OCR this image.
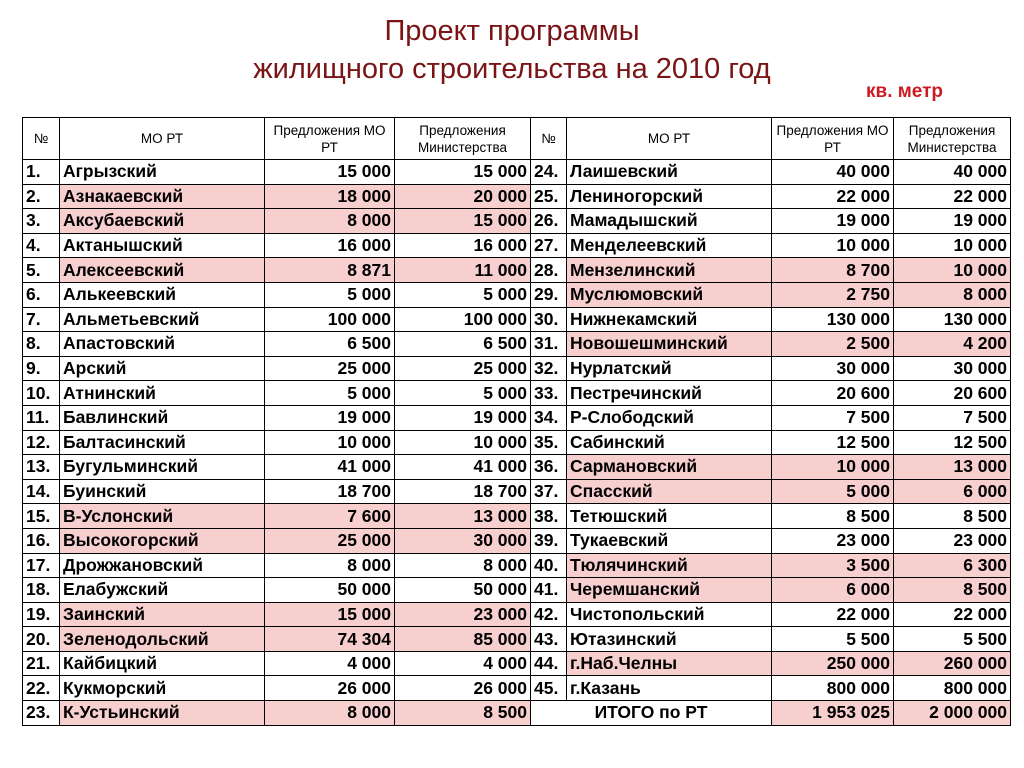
Проект программы
жилищного строительства на 2010 год
кв. метр
№	МО РТ	Предложения МО РТ	Предложения Министерства	№	МО РТ	Предложения МО РТ	Предложения Министерства
1.	Агрызский	15 000	15 000	24.	Лаишевский	40 000	40 000
2.	Азнакаевский	18 000	20 000	25.	Лениногорский	22 000	22 000
3.	Аксубаевский	8 000	15 000	26.	Мамадышский	19 000	19 000
4.	Актанышский	16 000	16 000	27.	Менделеевский	10 000	10 000
5.	Алексеевский	8 871	11 000	28.	Мензелинский	8 700	10 000
6.	Алькеевский	5 000	5 000	29.	Муслюмовский	2 750	8 000
7.	Альметьевский	100 000	100 000	30.	Нижнекамский	130 000	130 000
8.	Апастовский	6 500	6 500	31.	Новошешминский	2 500	4 200
9.	Арский	25 000	25 000	32.	Нурлатский	30 000	30 000
10.	Атнинский	5 000	5 000	33.	Пестречинский	20 600	20 600
11.	Бавлинский	19 000	19 000	34.	Р-Слободский	7 500	7 500
12.	Балтасинский	10 000	10 000	35.	Сабинский	12 500	12 500
13.	Бугульминский	41 000	41 000	36.	Сармановский	10 000	13 000
14.	Буинский	18 700	18 700	37.	Спасский	5 000	6 000
15.	В-Услонский	7 600	13 000	38.	Тетюшский	8 500	8 500
16.	Высокогорский	25 000	30 000	39.	Тукаевский	23 000	23 000
17.	Дрожжановский	8 000	8 000	40.	Тюлячинский	3 500	6 300
18.	Елабужский	50 000	50 000	41.	Черемшанский	6 000	8 500
19.	Заинский	15 000	23 000	42.	Чистопольский	22 000	22 000
20.	Зеленодольский	74 304	85 000	43.	Ютазинский	5 500	5 500
21.	Кайбицкий	4 000	4 000	44.	г.Наб.Челны	250 000	260 000
22.	Кукморский	26 000	26 000	45.	г.Казань	800 000	800 000
23.	К-Устьинский	8 000	8 500	ИТОГО по РТ		1 953 025	2 000 000
